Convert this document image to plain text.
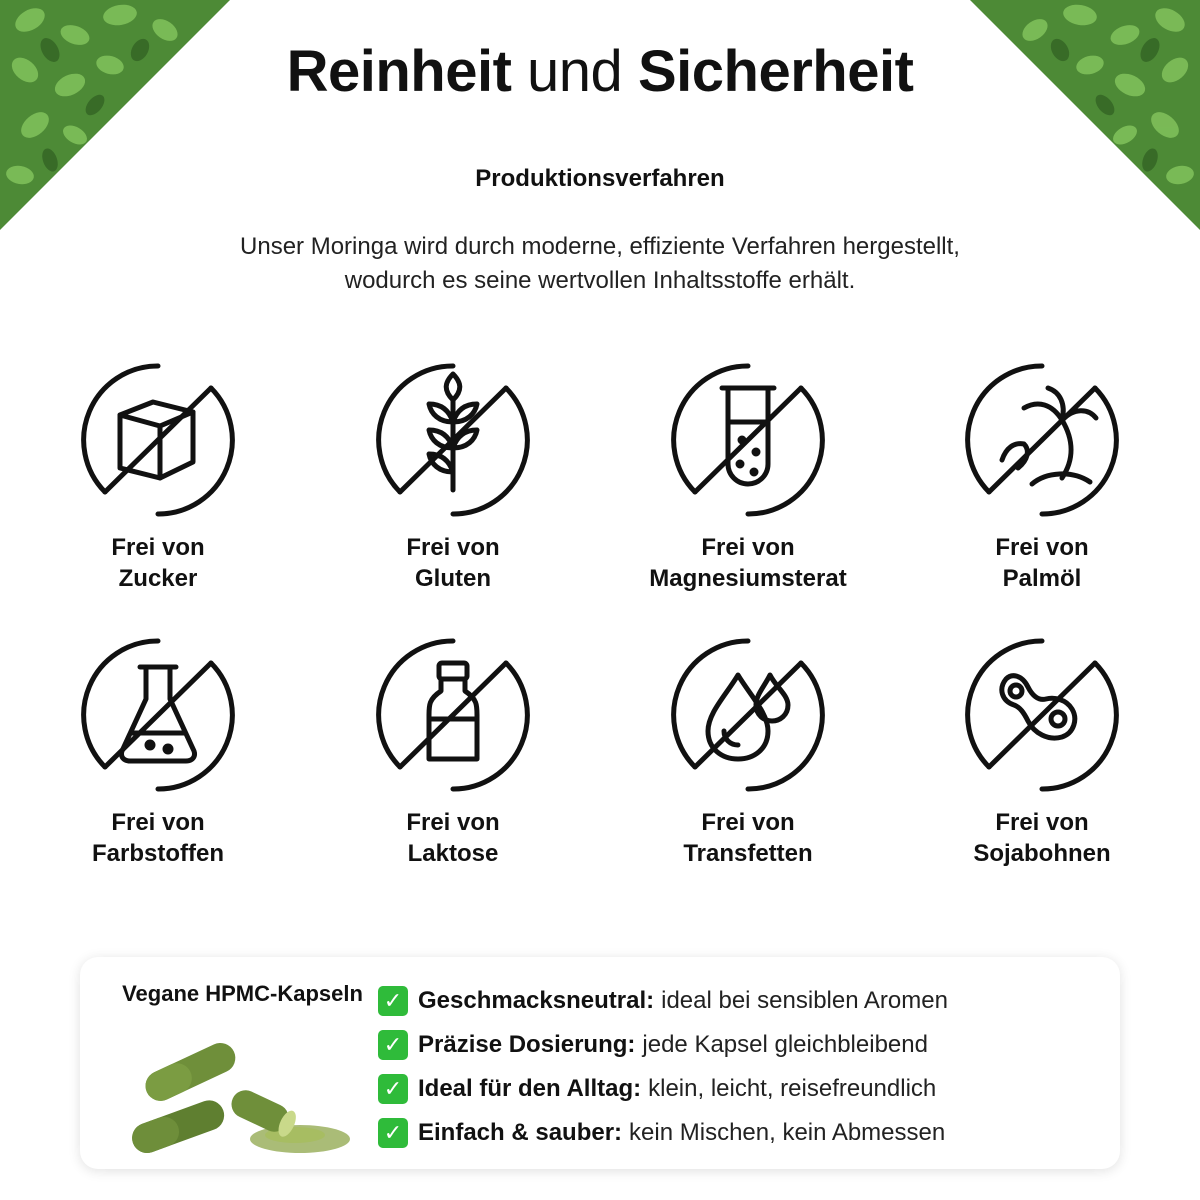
Reinheit und Sicherheit
Produktionsverfahren
Unser Moringa wird durch moderne, effiziente Verfahren hergestellt, wodurch es seine wertvollen Inhaltsstoffe erhält.
Frei von
Zucker
Frei von
Gluten
Frei von
Magnesiumsterat
Frei von
Palmöl
Frei von
Farbstoffen
Frei von
Laktose
Frei von
Transfetten
Frei von
Sojabohnen
Vegane HPMC-Kapseln ✓ Geschmacksneutral: ideal bei sensiblen Aromen
✓ Präzise Dosierung: jede Kapsel gleichbleibend
✓ Ideal für den Alltag: klein, leicht, reisefreundlich
✓ Einfach & sauber: kein Mischen, kein Abmessen
